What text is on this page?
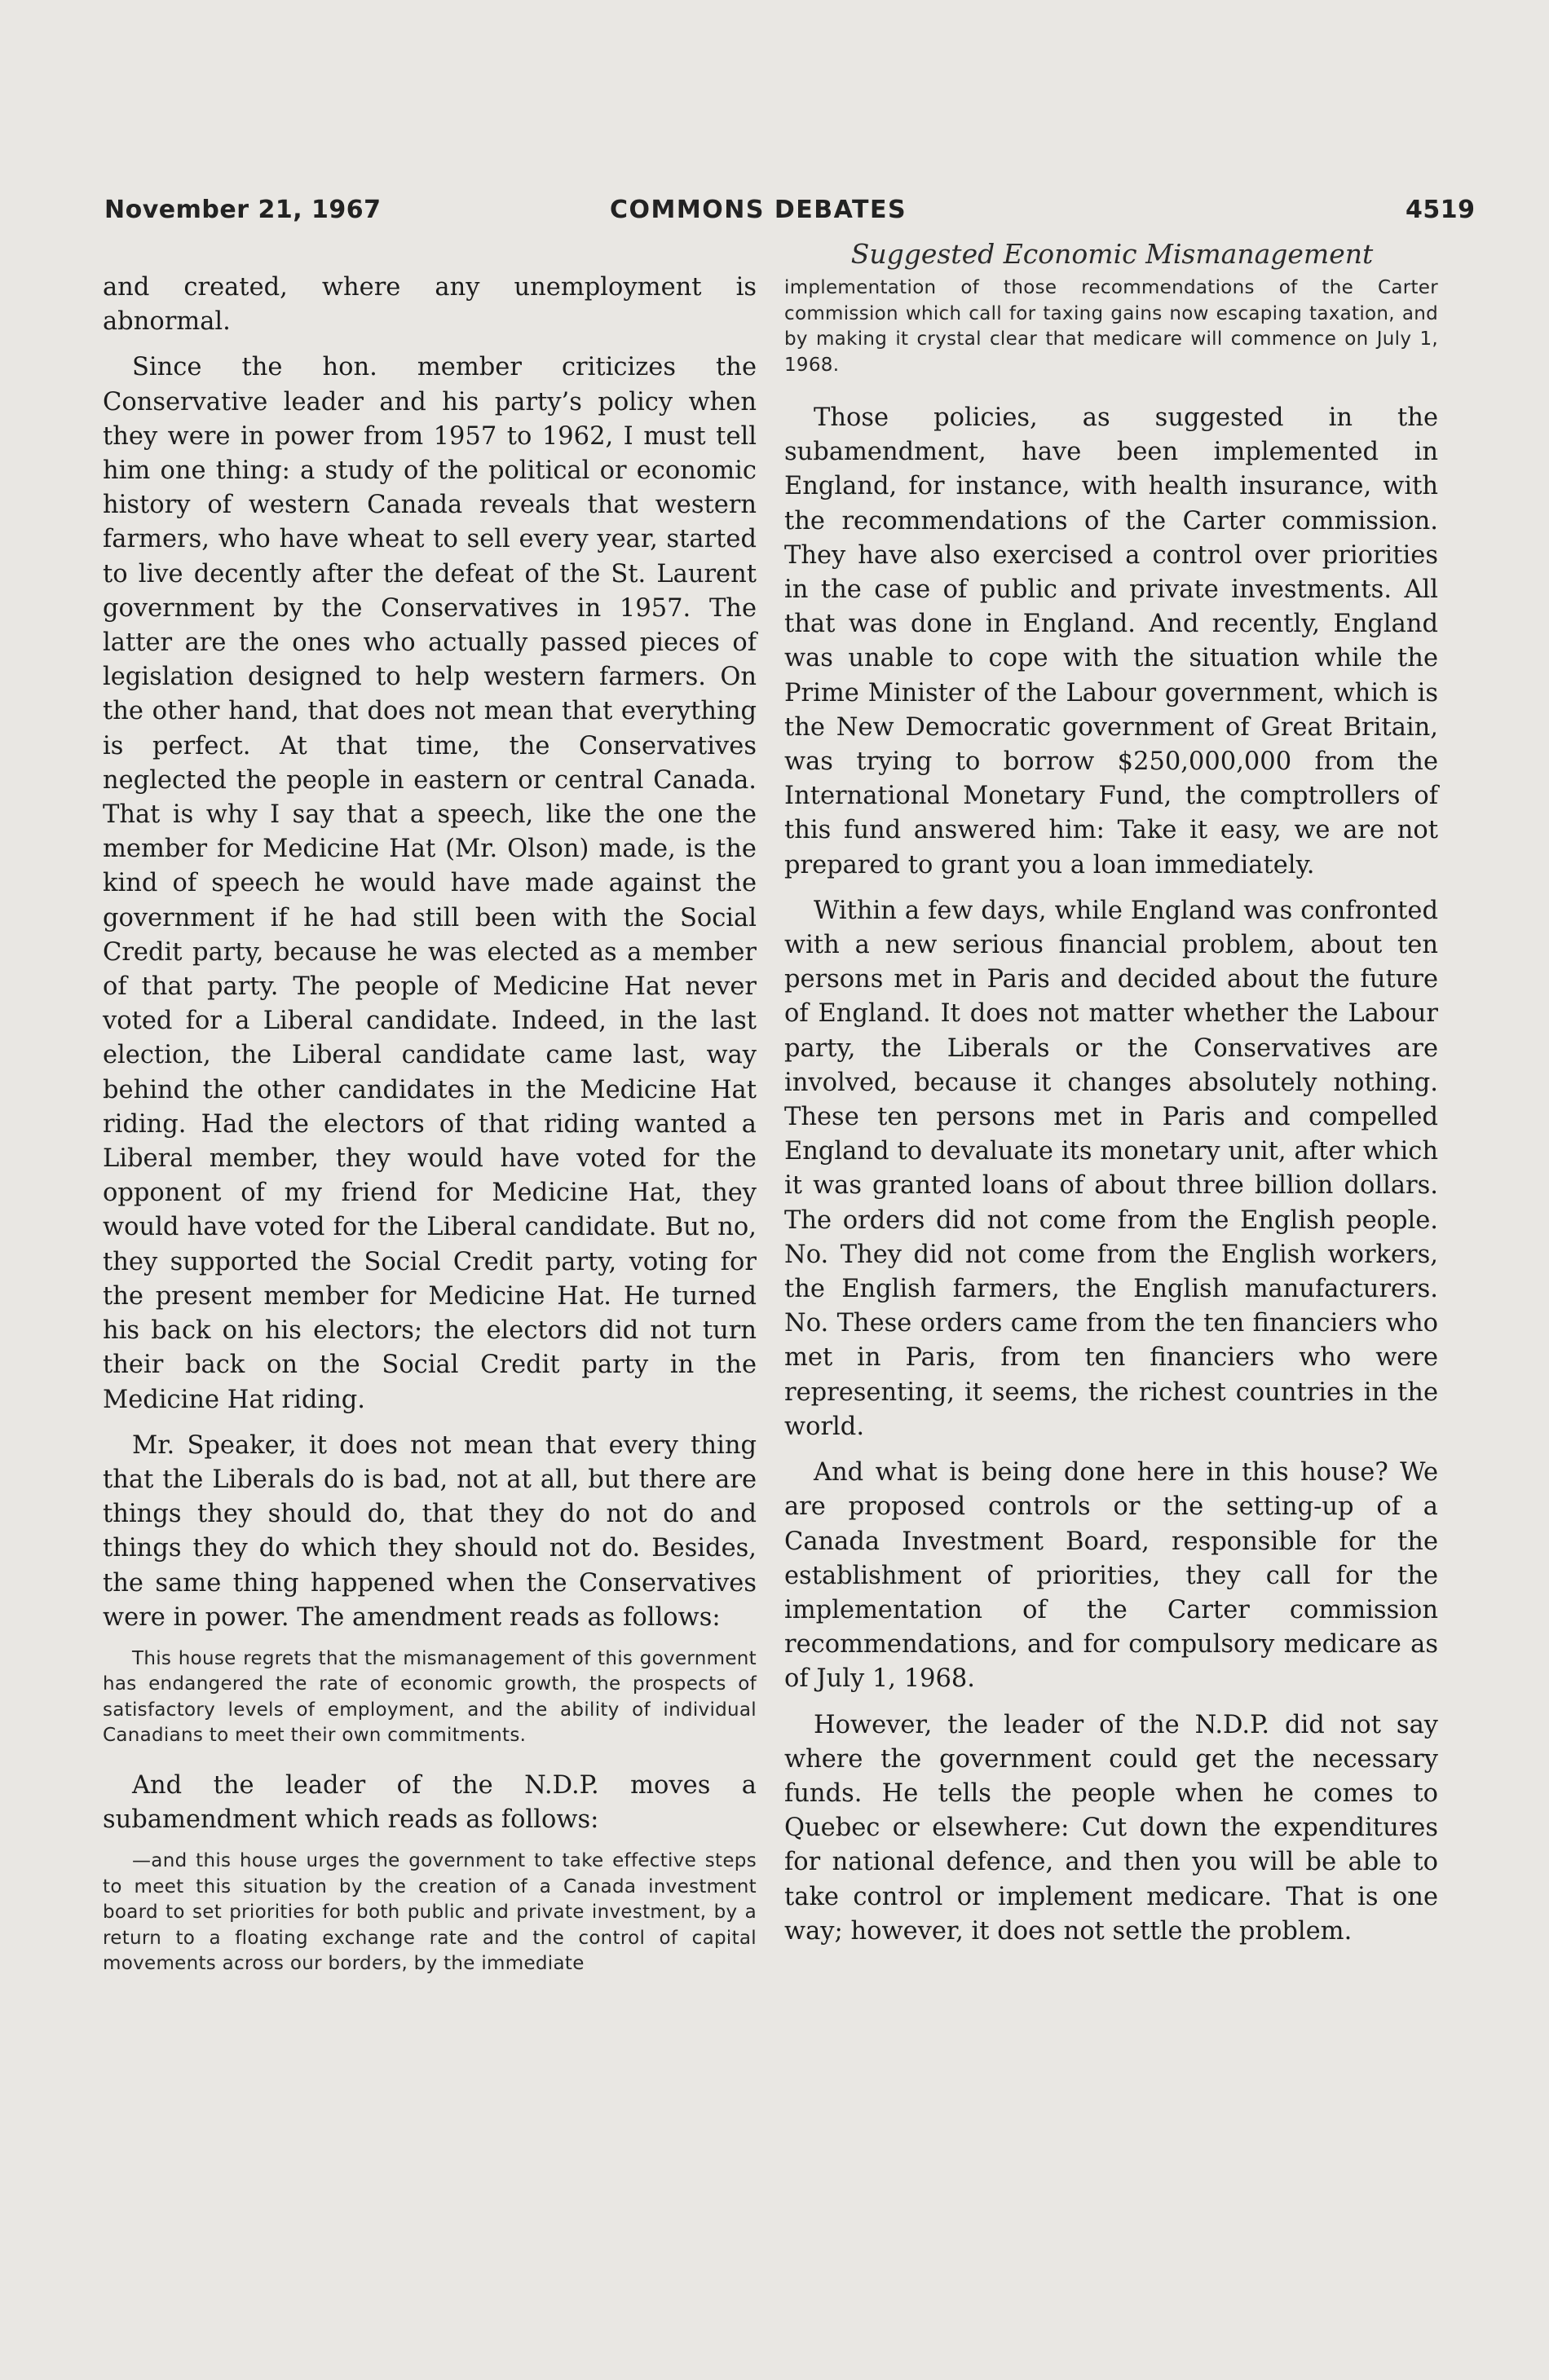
November 21, 1967	COMMONS DEBATES	4519
Suggested Economic Mismanagement

and created, where any unemployment is abnormal.

Since the hon. member criticizes the Conservative leader and his party’s policy when they were in power from 1957 to 1962, I must tell him one thing: a study of the political or economic history of western Canada reveals that western farmers, who have wheat to sell every year, started to live decently after the defeat of the St. Laurent government by the Conservatives in 1957. The latter are the ones who actually passed pieces of legislation designed to help western farmers. On the other hand, that does not mean that everything is perfect. At that time, the Conservatives neglected the people in eastern or central Canada. That is why I say that a speech, like the one the member for Medicine Hat (Mr. Olson) made, is the kind of speech he would have made against the government if he had still been with the Social Credit party, because he was elected as a member of that party. The people of Medicine Hat never voted for a Liberal candidate. Indeed, in the last election, the Liberal candidate came last, way behind the other candidates in the Medicine Hat riding. Had the electors of that riding wanted a Liberal member, they would have voted for the opponent of my friend for Medicine Hat, they would have voted for the Liberal candidate. But no, they supported the Social Credit party, voting for the present member for Medicine Hat. He turned his back on his electors; the electors did not turn their back on the Social Credit party in the Medicine Hat riding.

Mr. Speaker, it does not mean that every thing that the Liberals do is bad, not at all, but there are things they should do, that they do not do and things they do which they should not do. Besides, the same thing happened when the Conservatives were in power. The amendment reads as follows:

This house regrets that the mismanagement of this government has endangered the rate of economic growth, the prospects of satisfactory levels of employment, and the ability of individual Canadians to meet their own commitments.

And the leader of the N.D.P. moves a subamendment which reads as follows:

—and this house urges the government to take effective steps to meet this situation by the creation of a Canada investment board to set priorities for both public and private investment, by a return to a floating exchange rate and the control of capital movements across our borders, by the immediate

implementation of those recommendations of the Carter commission which call for taxing gains now escaping taxation, and by making it crystal clear that medicare will commence on July 1, 1968.

Those policies, as suggested in the subamendment, have been implemented in England, for instance, with health insurance, with the recommendations of the Carter commission. They have also exercised a control over priorities in the case of public and private investments. All that was done in England. And recently, England was unable to cope with the situation while the Prime Minister of the Labour government, which is the New Democratic government of Great Britain, was trying to borrow $250,000,000 from the International Monetary Fund, the comptrollers of this fund answered him: Take it easy, we are not prepared to grant you a loan immediately.

Within a few days, while England was confronted with a new serious financial problem, about ten persons met in Paris and decided about the future of England. It does not matter whether the Labour party, the Liberals or the Conservatives are involved, because it changes absolutely nothing. These ten persons met in Paris and compelled England to devaluate its monetary unit, after which it was granted loans of about three billion dollars. The orders did not come from the English people. No. They did not come from the English workers, the English farmers, the English manufacturers. No. These orders came from the ten financiers who met in Paris, from ten financiers who were representing, it seems, the richest countries in the world.

And what is being done here in this house? We are proposed controls or the setting-up of a Canada Investment Board, responsible for the establishment of priorities, they call for the implementation of the Carter commission recommendations, and for compulsory medicare as of July 1, 1968.

However, the leader of the N.D.P. did not say where the government could get the necessary funds. He tells the people when he comes to Quebec or elsewhere: Cut down the expenditures for national defence, and then you will be able to take control or implement medicare. That is one way; however, it does not settle the problem.
